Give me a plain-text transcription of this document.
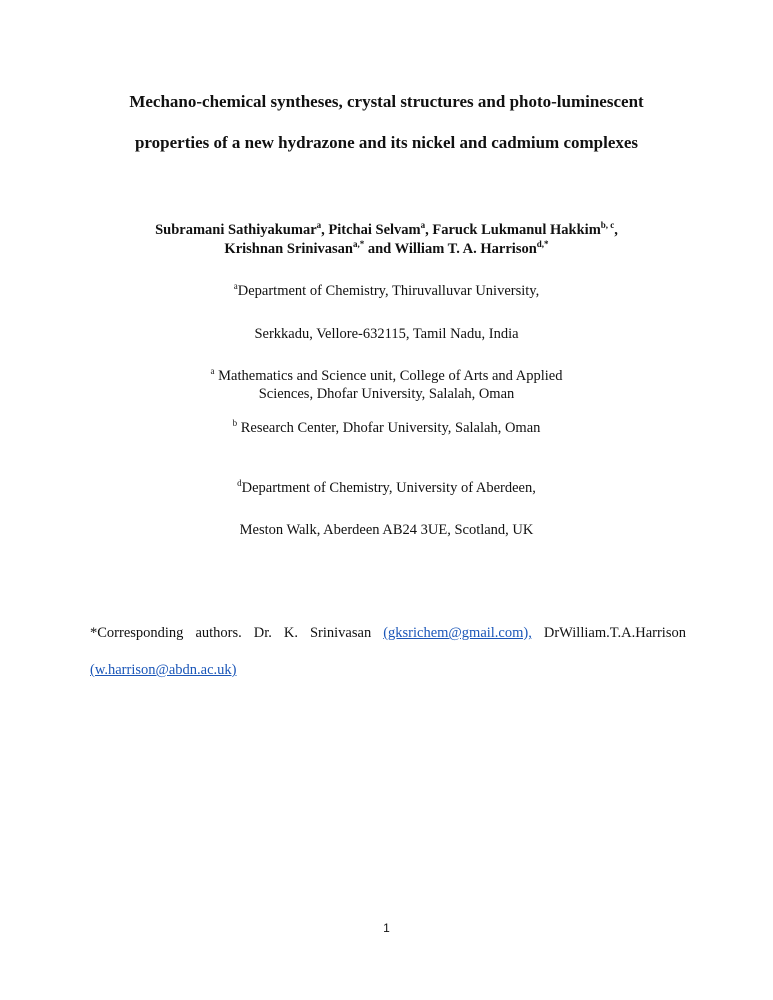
Mechano-chemical syntheses, crystal structures and photo-luminescent
properties of a new hydrazone and its nickel and cadmium complexes
Subramani Sathiyakumar$^a$, Pitchai Selvam$^a$, Faruck Lukmanul Hakkim$^{b, c}$,
Krishnan Srinivasan$^{a,*}$ and William T. A. Harrison$^{d,*}$
$^a$Department of Chemistry, Thiruvalluvar University,
Serkkadu, Vellore-632115, Tamil Nadu, India
$^a$ Mathematics and Science unit, College of Arts and Applied
Sciences, Dhofar University, Salalah, Oman
$^b$ Research Center, Dhofar University, Salalah, Oman
$^d$Department of Chemistry, University of Aberdeen,
Meston Walk, Aberdeen AB24 3UE, Scotland, UK
*Corresponding authors. Dr. K. Srinivasan (gksrichem@gmail.com), DrWilliam.T.A.Harrison
(w.harrison@abdn.ac.uk)
1
